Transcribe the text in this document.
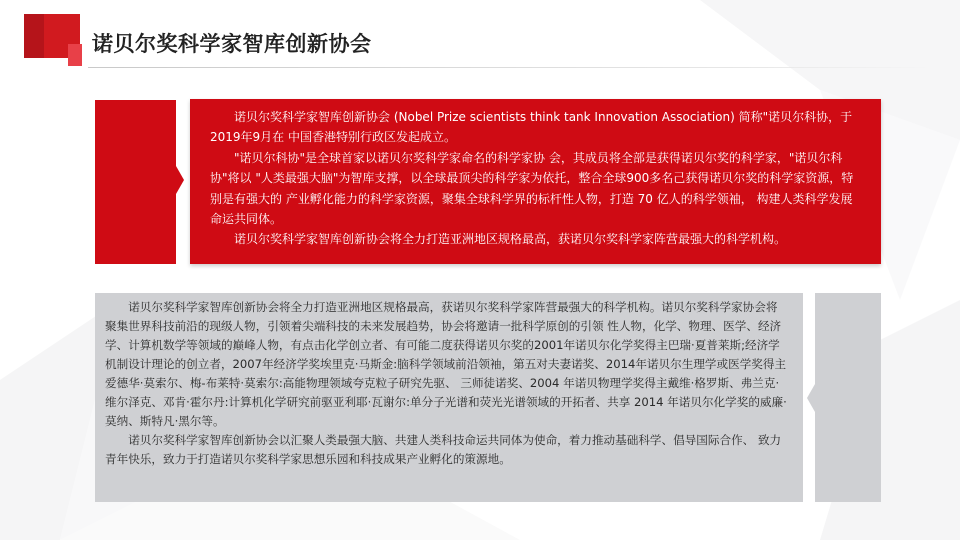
诺贝尔奖科学家智库创新协会

诺贝尔奖科学家智库创新协会 (Nobel Prize scientists think tank Innovation Association) 简称"诺贝尔科协，于2019年9月在 中国香港特别行政区发起成立。

"诺贝尔科协"是全球首家以诺贝尔奖科学家命名的科学家协 会，其成员将全部是获得诺贝尔奖的科学家，"诺贝尔科协"将以 "人类最强大脑"为智库支撑，以全球最顶尖的科学家为依托，整合全球900多名己获得诺贝尔奖的科学家资源，特别是有强大的 产业孵化能力的科学家资源，聚集全球科学界的标杆性人物，打造 70 亿人的科学领袖， 构建人类科学发展命运共同体。

诺贝尔奖科学家智库创新协会将全力打造亚洲地区规格最高，获诺贝尔奖科学家阵营最强大的科学机构。

诺贝尔奖科学家智库创新协会将全力打造亚洲地区规格最高，获诺贝尔奖科学家阵营最强大的科学机构。诺贝尔奖科学家协会将聚集世界科技前沿的现级人物，引领着尖端科技的未来发展趋势，协会将邀请一批科学原创的引领 性人物，化学、物理、医学、经济学、计算机数学等领域的巅峰人物，有点击化学创立者、有可能二度获得诺贝尔奖的2001年诺贝尔化学奖得主巴瑞·夏普莱斯;经济学机制设计理论的创立者，2007年经济学奖埃里克·马斯金:脑科学领域前沿领袖，第五对夫妻诺奖、2014年诺贝尔生理学或医学奖得主爱德华·莫索尔、梅-布莱特·莫索尔:高能物理领域夸克粒子研究先驱、 三师徒诺奖、2004 年诺贝物理学奖得主戴维·格罗斯、弗兰克·维尔泽克、邓肯·霍尔丹:计算机化学研究前驱亚利耶·瓦谢尔:单分子光谱和荧光光谱领域的开拓者、共享 2014 年诺贝尔化学奖的威廉·莫纳、斯特凡·黑尔等。

诺贝尔奖科学家智库创新协会以汇聚人类最强大脑、共建人类科技命运共同体为使命，着力推动基础科学、倡导国际合作、 致力青年快乐，致力于打造诺贝尔奖科学家思想乐园和科技成果产业孵化的策源地。
